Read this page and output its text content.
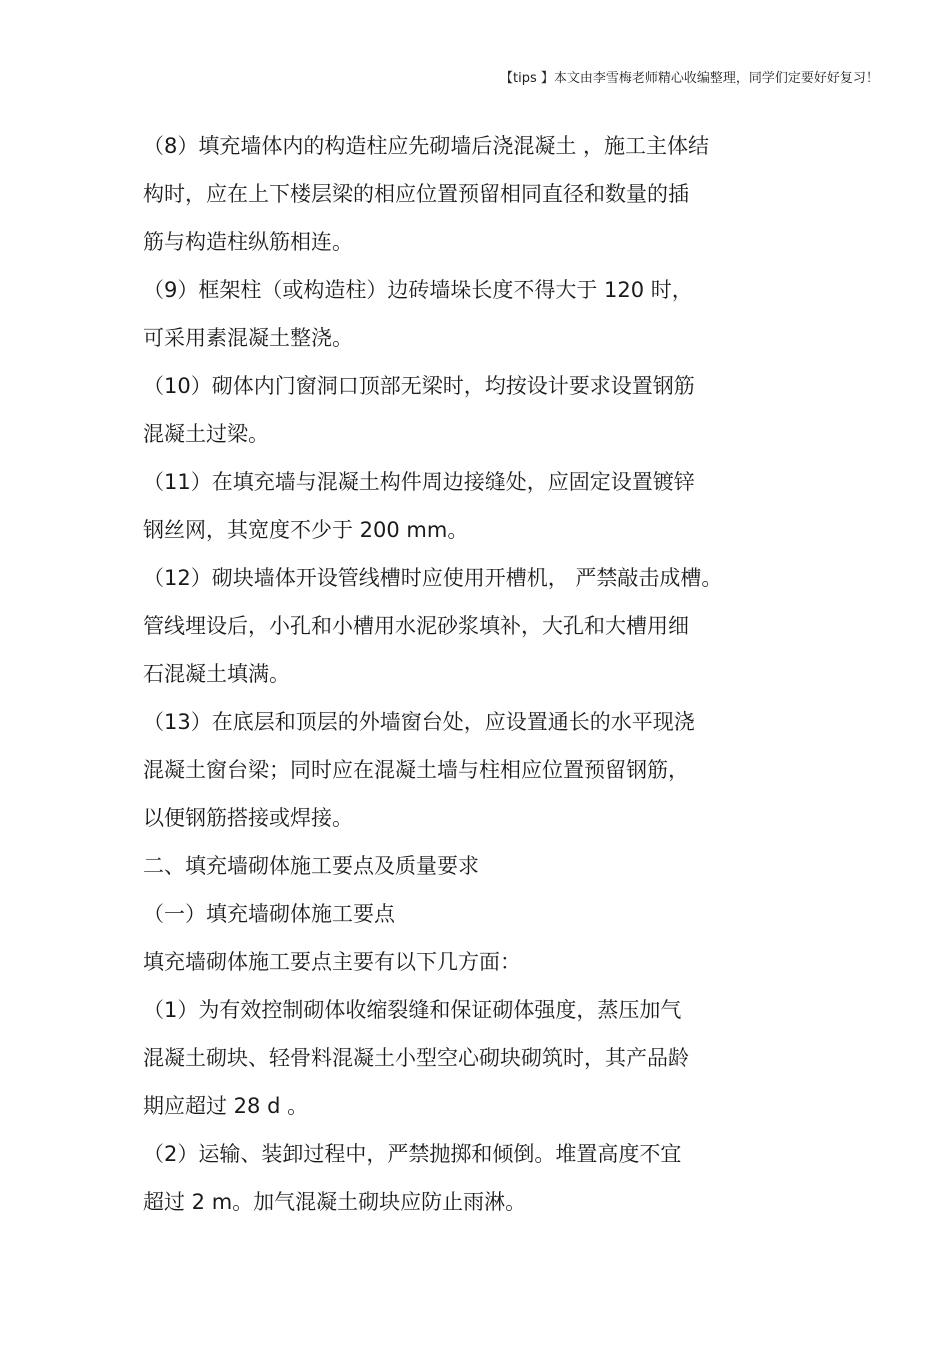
【tips 】本文由李雪梅老师精心收编整理，同学们定要好好复习！
（8）填充墙体内的构造柱应先砌墙后浇混凝土 ，施工主体结
构时，应在上下楼层梁的相应位置预留相同直径和数量的插
筋与构造柱纵筋相连。
（9）框架柱（或构造柱）边砖墙垛长度不得大于 120 时，
可采用素混凝土整浇。
（10）砌体内门窗洞口顶部无梁时，均按设计要求设置钢筋
混凝土过梁。
（11）在填充墙与混凝土构件周边接缝处，应固定设置镀锌
钢丝网，其宽度不少于 200 mm。
（12）砌块墙体开设管线槽时应使用开槽机， 严禁敲击成槽。
管线埋设后，小孔和小槽用水泥砂浆填补，大孔和大槽用细
石混凝土填满。
（13）在底层和顶层的外墙窗台处，应设置通长的水平现浇
混凝土窗台梁；同时应在混凝土墙与柱相应位置预留钢筋，
以便钢筋搭接或焊接。
二、填充墙砌体施工要点及质量要求
（一）填充墙砌体施工要点
填充墙砌体施工要点主要有以下几方面：
（1）为有效控制砌体收缩裂缝和保证砌体强度，蒸压加气
混凝土砌块、轻骨料混凝土小型空心砌块砌筑时，其产品龄
期应超过 28 d 。
（2）运输、装卸过程中，严禁抛掷和倾倒。堆置高度不宜
超过 2 m。加气混凝土砌块应防止雨淋。
